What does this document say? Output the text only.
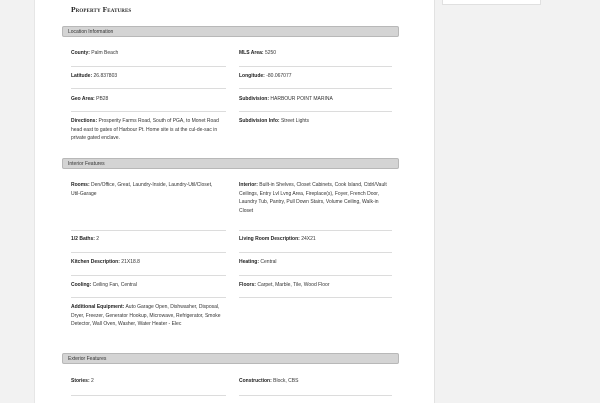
Property Features
Location Information
County: Palm Beach	MLS Area: 5250
Latitude: 26.837803	Longitude: -80.067077
Geo Area: PB28	Subdivision: HARBOUR POINT MARINA
Directions: Prosperity Farms Road, South of PGA, to Monet Road head east to gates of Harbour Pt. Home site is at the cul-de-sac in private gated enclave.
Subdivision Info: Street Lights
Interior Features
Rooms: Den/Office, Great, Laundry-Inside, Laundry-Util/Closet, Util-Garage
Interior: Built-in Shelves, Closet Cabinets, Cook Island, Ctdrl/Vault Ceilings, Entry Lvl Lvng Area, Fireplace(s), Foyer, French Door, Laundry Tub, Pantry, Pull Down Stairs, Volume Ceiling, Walk-in Closet
1/2 Baths: 2	Living Room Description: 24X21
Kitchen Description: 21X18.8	Heating: Central
Cooling: Ceiling Fan, Central	Floors: Carpet, Marble, Tile, Wood Floor
Additional Equipment: Auto Garage Open, Dishwasher, Disposal, Dryer, Freezer, Generator Hookup, Microwave, Refrigerator, Smoke Detector, Wall Oven, Washer, Water Heater - Elec
Exterior Features
Stories: 2	Construction: Block, CBS
